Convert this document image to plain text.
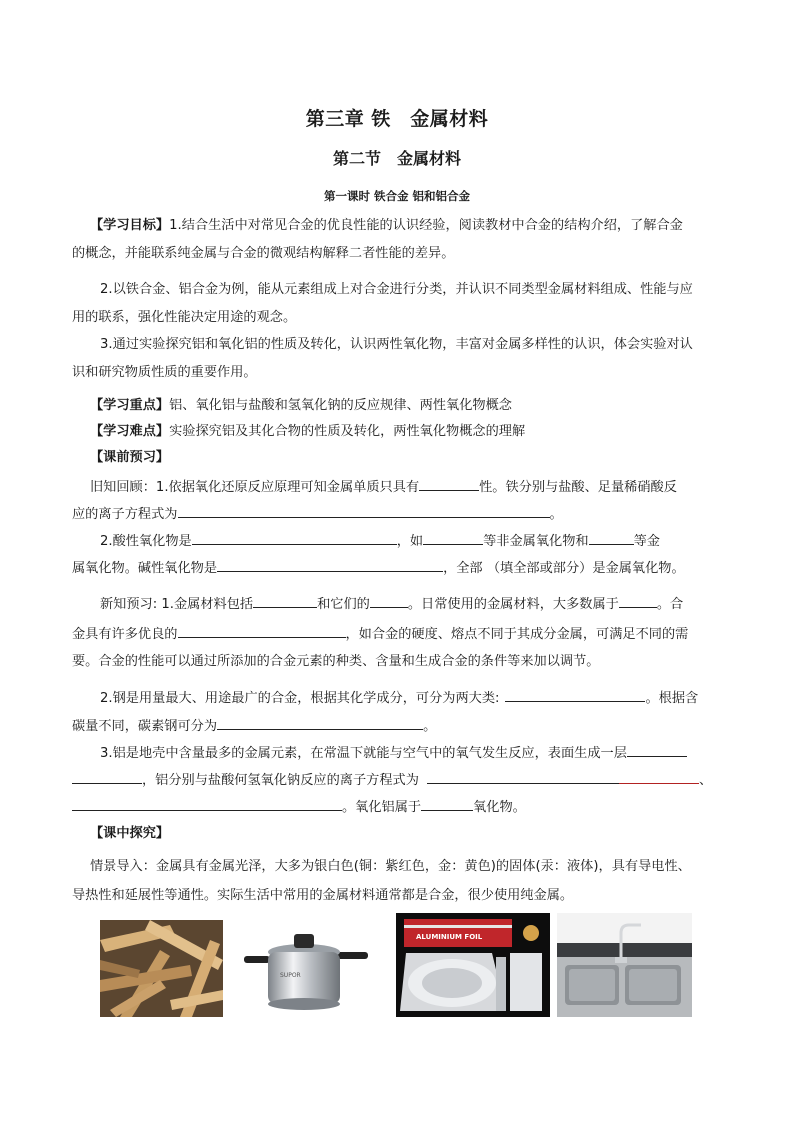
第三章 铁　金属材料
第二节　金属材料
第一课时 铁合金 铝和铝合金
【学习目标】1.结合生活中对常见合金的优良性能的认识经验，阅读教材中合金的结构介绍，了解合金
的概念，并能联系纯金属与合金的微观结构解释二者性能的差异。
2.以铁合金、铝合金为例，能从元素组成上对合金进行分类，并认识不同类型金属材料组成、性能与应
用的联系，强化性能决定用途的观念。
3.通过实验探究铝和氧化铝的性质及转化，认识两性氧化物，丰富对金属多样性的认识，体会实验对认
识和研究物质性质的重要作用。
【学习重点】铝、氧化铝与盐酸和氢氧化钠的反应规律、两性氧化物概念
【学习难点】实验探究铝及其化合物的性质及转化，两性氧化物概念的理解
【课前预习】
旧知回顾：1.依据氧化还原反应原理可知金属单质只具有	性。铁分别与盐酸、足量稀硝酸反
应的离子方程式为	。
2.酸性氧化物是	，如	等非金属氧化物和	等金
属氧化物。碱性氧化物是	，全部 （填全部或部分）是金属氧化物。
新知预习: 1.金属材料包括	和它们的	。日常使用的金属材料，大多数属于	。合
金具有许多优良的	，如合金的硬度、熔点不同于其成分金属，可满足不同的需
要。合金的性能可以通过所添加的合金元素的种类、含量和生成合金的条件等来加以调节。
2.钢是用量最大、用途最广的合金，根据其化学成分，可分为两大类:	。根据含
碳量不同，碳素钢可分为	。
3.铝是地壳中含量最多的金属元素，在常温下就能与空气中的氧气发生反应，表面生成一层
，铝分别与盐酸何氢氧化钠反应的离子方程式为	、
。氧化铝属于	氧化物。
【课中探究】
情景导入：金属具有金属光泽，大多为银白色(铜：紫红色，金：黄色)的固体(汞：液体)，具有导电性、
导热性和延展性等通性。实际生活中常用的金属材料通常都是合金，很少使用纯金属。
SUPOR
ALUMINIUM FOIL
